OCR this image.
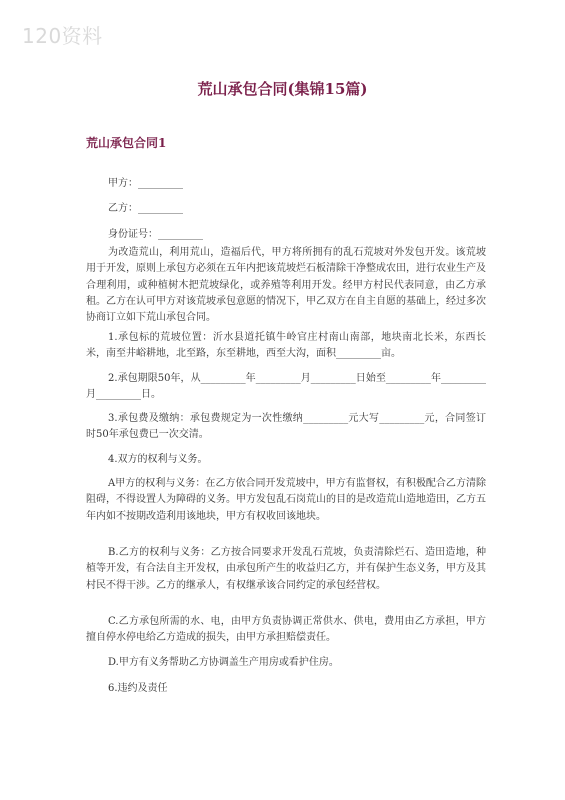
120资料
荒山承包合同(集锦15篇)
荒山承包合同1
甲方：_________
乙方：_________
身份证号：_________

为改造荒山，利用荒山，造福后代，甲方将所拥有的乱石荒坡对外发包开发。该荒坡用于开发，原则上承包方必须在五年内把该荒坡烂石板清除干净整成农田，进行农业生产及合理利用，或种植树木把荒坡绿化，或养殖等利用开发。经甲方村民代表同意，由乙方承租。乙方在认可甲方对该荒坡承包意愿的情况下，甲乙双方在自主自愿的基础上，经过多次协商订立如下荒山承包合同。

1.承包标的荒坡位置：沂水县道托镇牛岭官庄村南山南部，地块南北长米，东西长米，南至井峪耕地，北至路，东至耕地，西至大沟，面积_________亩。

2.承包期限50年，从_________年_________月_________日始至_________年_________月_________日。

3.承包费及缴纳：承包费规定为一次性缴纳_________元大写_________元，合同签订时50年承包费已一次交清。

4.双方的权利与义务。

A甲方的权利与义务：在乙方依合同开发荒坡中，甲方有监督权，有积极配合乙方清除阻碍，不得设置人为障碍的义务。甲方发包乱石岗荒山的目的是改造荒山造地造田，乙方五年内如不按期改造利用该地块，甲方有权收回该地块。

B.乙方的权利与义务：乙方按合同要求开发乱石荒坡，负责清除烂石、造田造地，种植等开发，有合法自主开发权，由承包所产生的收益归乙方，并有保护生态义务，甲方及其村民不得干涉。乙方的继承人，有权继承该合同约定的承包经营权。

C.乙方承包所需的水、电，由甲方负责协调正常供水、供电，费用由乙方承担，甲方擅自停水停电给乙方造成的损失，由甲方承担赔偿责任。

D.甲方有义务帮助乙方协调盖生产用房或看护住房。

6.违约及责任
